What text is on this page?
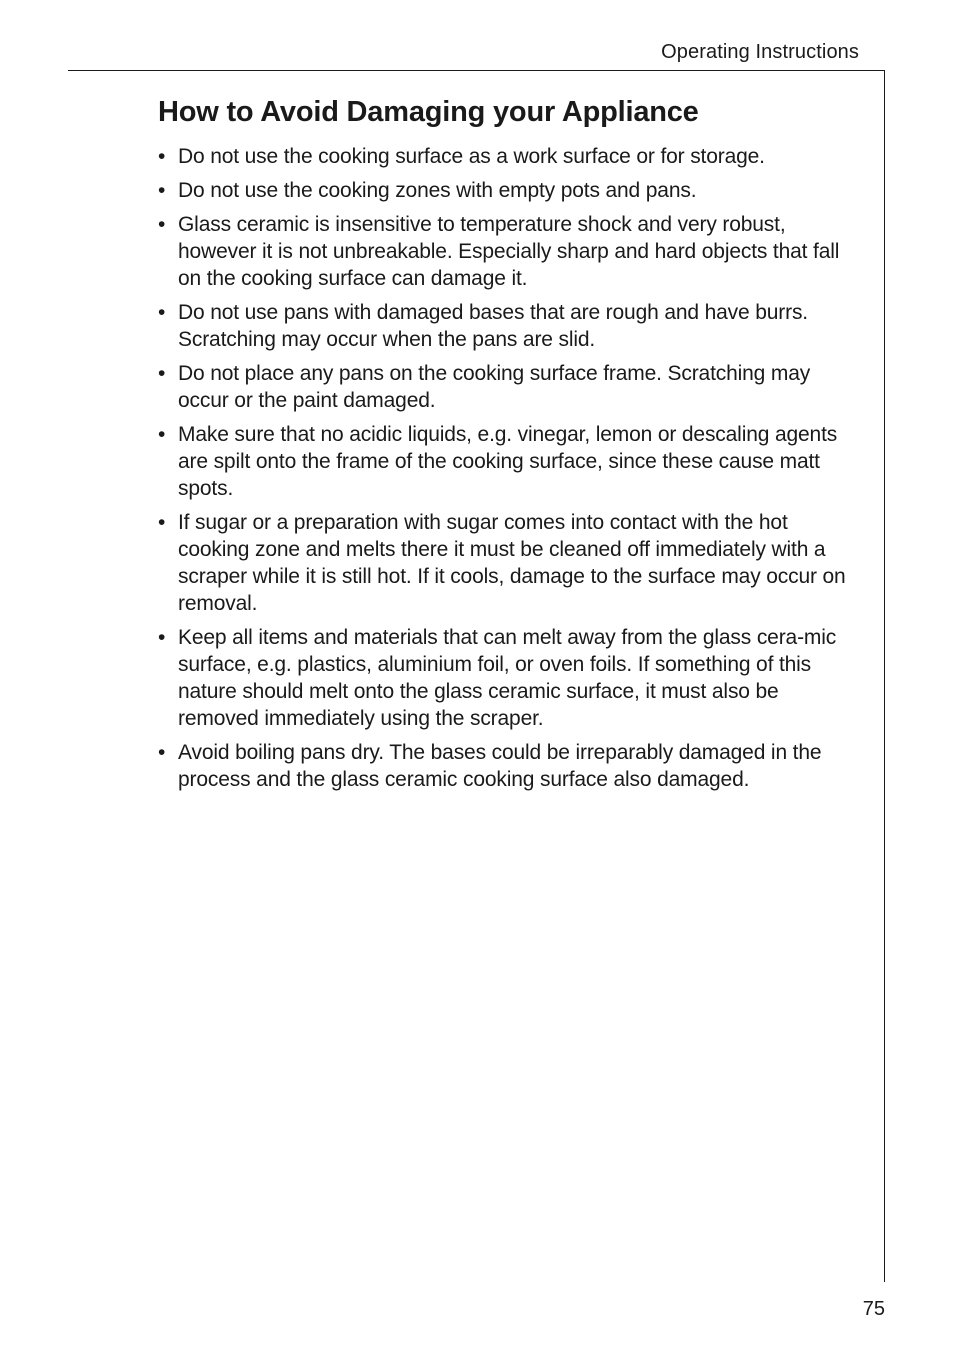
Operating Instructions
How to Avoid Damaging your Appliance
• Do not use the cooking surface as a work surface or for storage.
• Do not use the cooking zones with empty pots and pans.
• Glass ceramic is insensitive to temperature shock and very robust, however it is not unbreakable. Especially sharp and hard objects that fall on the cooking surface can damage it.
• Do not use pans with damaged bases that are rough and have burrs. Scratching may occur when the pans are slid.
• Do not place any pans on the cooking surface frame. Scratching may occur or the paint damaged.
• Make sure that no acidic liquids, e.g. vinegar, lemon or descaling agents are spilt onto the frame of the cooking surface, since these cause matt spots.
• If sugar or a preparation with sugar comes into contact with the hot cooking zone and melts there it must be cleaned off immediately with a scraper while it is still hot. If it cools, damage to the surface may occur on removal.
• Keep all items and materials that can melt away from the glass cera-mic surface, e.g. plastics, aluminium foil, or oven foils. If something of this nature should melt onto the glass ceramic surface, it must also be removed immediately using the scraper.
• Avoid boiling pans dry. The bases could be irreparably damaged in the process and the glass ceramic cooking surface also damaged.
75
